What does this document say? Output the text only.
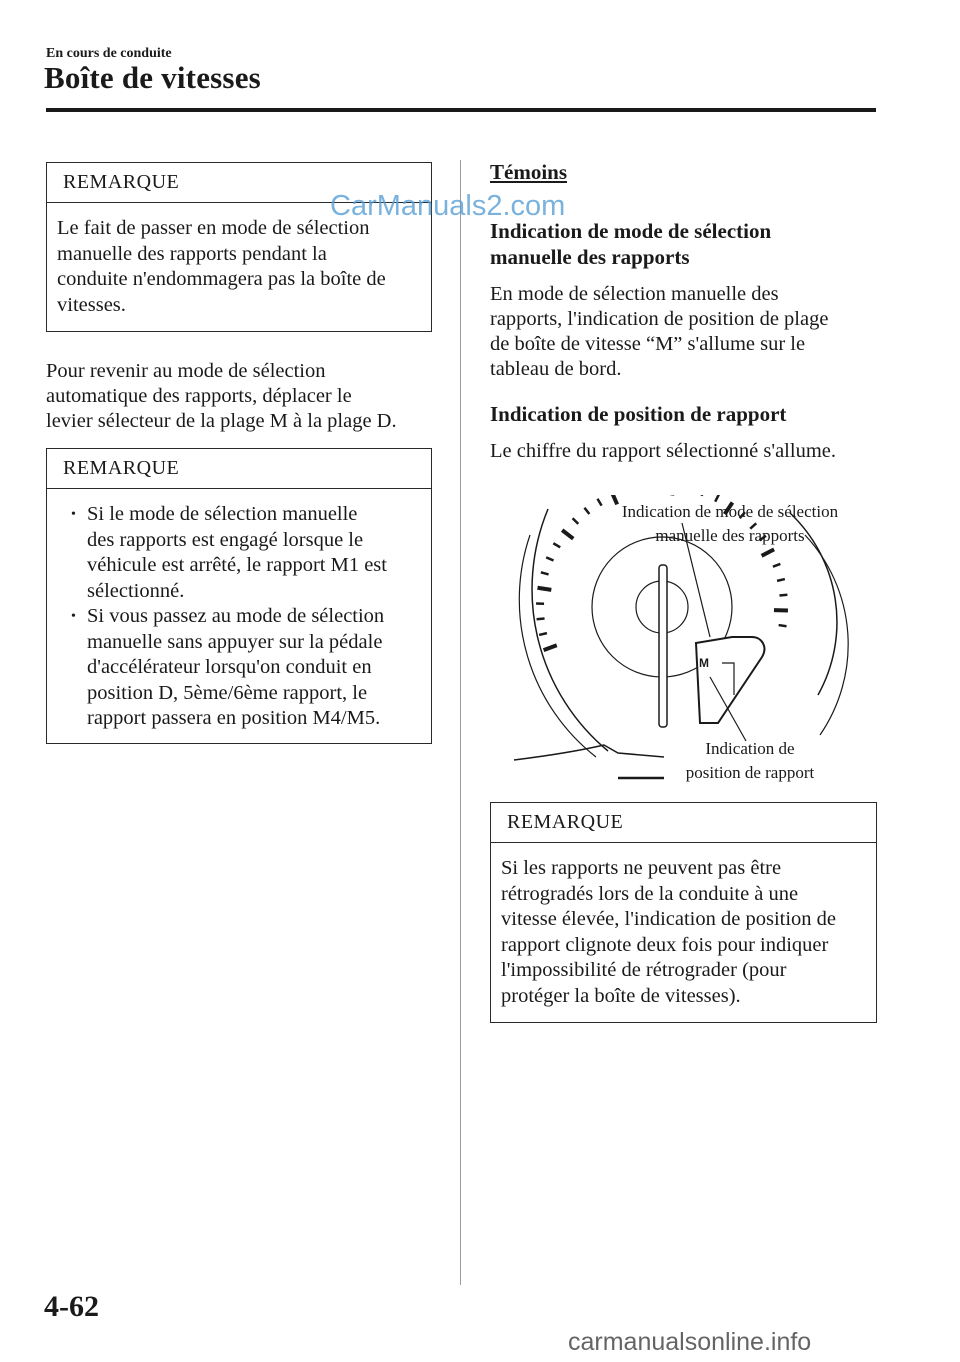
En cours de conduite
Boîte de vitesses
REMARQUE
Le fait de passer en mode de sélection
manuelle des rapports pendant la
conduite n'endommagera pas la boîte de
vitesses.
Pour revenir au mode de sélection
automatique des rapports, déplacer le
levier sélecteur de la plage M à la plage D.
REMARQUE
• Si le mode de sélection manuelle
des rapports est engagé lorsque le
véhicule est arrêté, le rapport M1 est
sélectionné.
• Si vous passez au mode de sélection
manuelle sans appuyer sur la pédale
d'accélérateur lorsqu'on conduit en
position D, 5ème/6ème rapport, le
rapport passera en position M4/M5.
Témoins
Indication de mode de sélection
manuelle des rapports
En mode de sélection manuelle des
rapports, l'indication de position de plage
de boîte de vitesse “M” s'allume sur le
tableau de bord.
Indication de position de rapport
Le chiffre du rapport sélectionné s'allume.
M
Indication de mode de sélection
manuelle des rapports
Indication de
position de rapport
REMARQUE
Si les rapports ne peuvent pas être
rétrogradés lors de la conduite à une
vitesse élevée, l'indication de position de
rapport clignote deux fois pour indiquer
l'impossibilité de rétrograder (pour
protéger la boîte de vitesses).
CarManuals2.com
4-62
carmanualsonline.info
